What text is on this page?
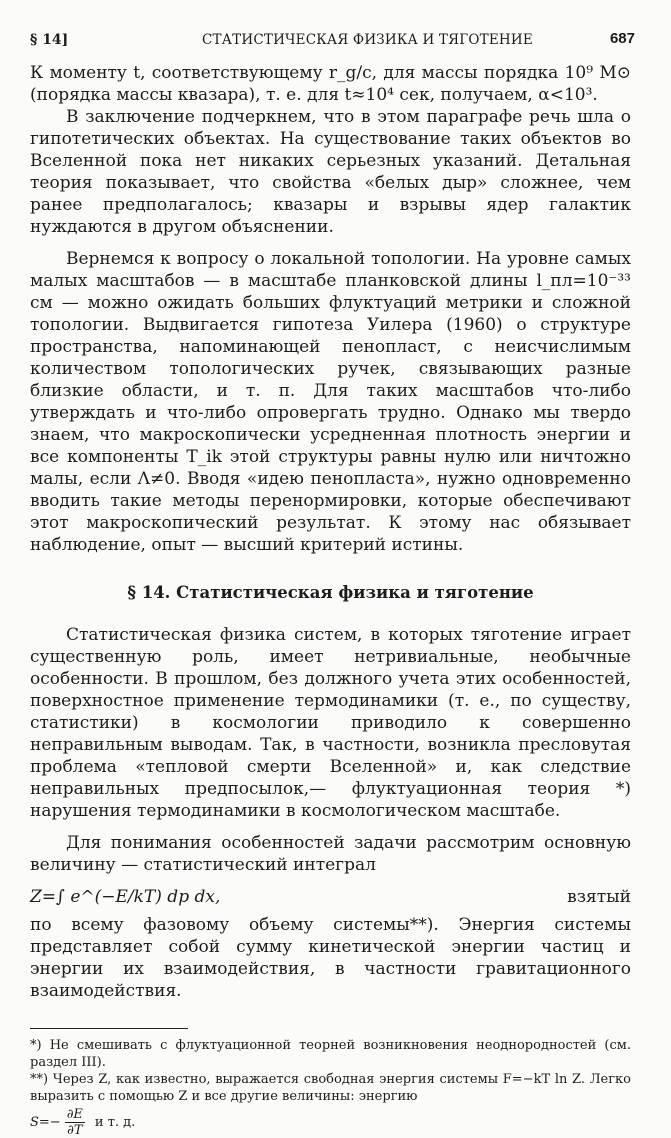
§ 14]	СТАТИСТИЧЕСКАЯ ФИЗИКА И ТЯГОТЕНИЕ	687

К моменту t, соответствующему r_g/c, для массы порядка 10⁹ M⊙ (порядка массы квазара), т. е. для t≈10⁴ сек, получаем, α<10³.

В заключение подчеркнем, что в этом параграфе речь шла о гипотетических объектах. На существование таких объектов во Вселенной пока нет никаких серьезных указаний. Детальная теория показывает, что свойства «белых дыр» сложнее, чем ранее предполагалось; квазары и взрывы ядер галактик нуждаются в другом объяснении.

Вернемся к вопросу о локальной топологии. На уровне самых малых масштабов — в масштабе планковской длины l_пл=10⁻³³ см — можно ожидать больших флуктуаций метрики и сложной топологии. Выдвигается гипотеза Уилера (1960) о структуре пространства, напоминающей пенопласт, с неисчислимым количеством топологических ручек, связывающих разные близкие области, и т. п. Для таких масштабов что-либо утверждать и что-либо опровергать трудно. Однако мы твердо знаем, что макроскопически усредненная плотность энергии и все компоненты T_ik этой структуры равны нулю или ничтожно малы, если Λ≠0. Вводя «идею пенопласта», нужно одновременно вводить такие методы перенормировки, которые обеспечивают этот макроскопический результат. К этому нас обязывает наблюдение, опыт — высший критерий истины.

§ 14. Статистическая физика и тяготение

Статистическая физика систем, в которых тяготение играет существенную роль, имеет нетривиальные, необычные особенности. В прошлом, без должного учета этих особенностей, поверхностное применение термодинамики (т. е., по существу, статистики) в космологии приводило к совершенно неправильным выводам. Так, в частности, возникла пресловутая проблема «тепловой смерти Вселенной» и, как следствие неправильных предпосылок,— флуктуационная теория *) нарушения термодинамики в космологическом масштабе.

Для понимания особенностей задачи рассмотрим основную величину — статистический интеграл

Z=∫ e^(−E/kT) dp dx,	взятый

по всему фазовому объему системы**). Энергия системы представляет собой сумму кинетической энергии частиц и энергии их взаимодействия, в частности гравитационного взаимодействия.

*) Не смешивать с флуктуационной теорней возникновения неоднородностей (см. раздел III).

**) Через Z, как известно, выражается свободная энергия системы F=−kT ln Z. Легко выразить с помощью Z и все другие величины: энергию

$S=- \frac{\partial E}{\partial T}$ и т. д.
